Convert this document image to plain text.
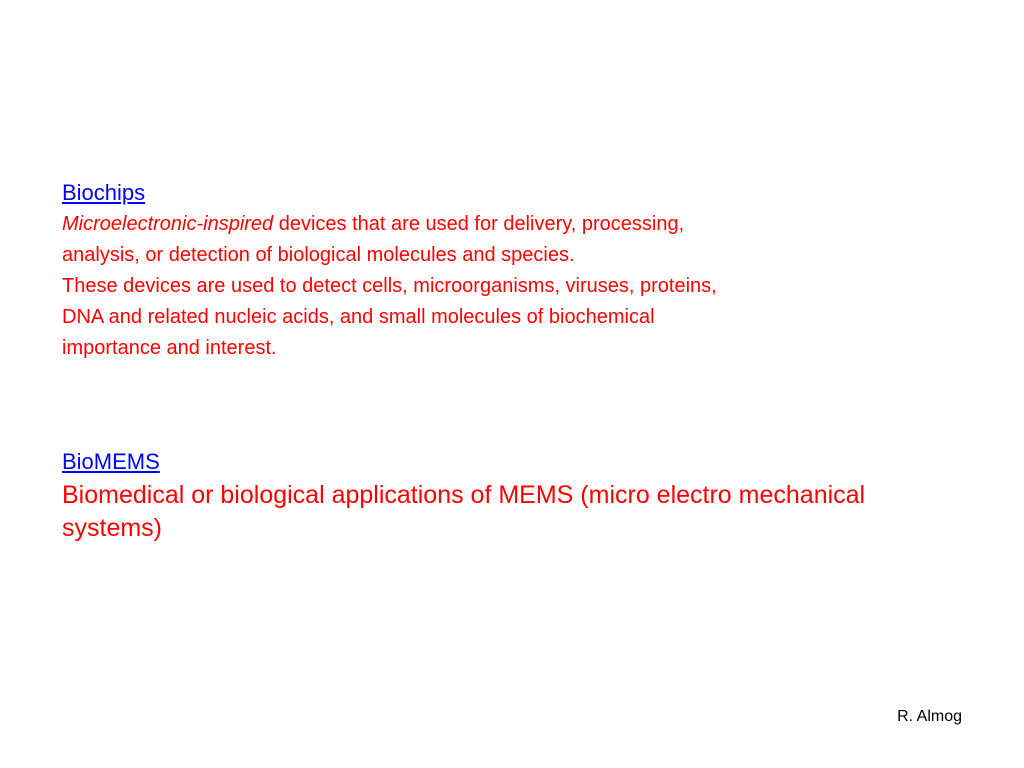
Biochips

Microelectronic-inspired devices that are used for delivery, processing,
analysis, or detection of biological molecules and species.
These devices are used to detect cells, microorganisms, viruses, proteins,
DNA and related nucleic acids, and small molecules of biochemical
importance and interest.

BioMEMS

Biomedical or biological applications of MEMS (micro electro mechanical
systems)

R. Almog
